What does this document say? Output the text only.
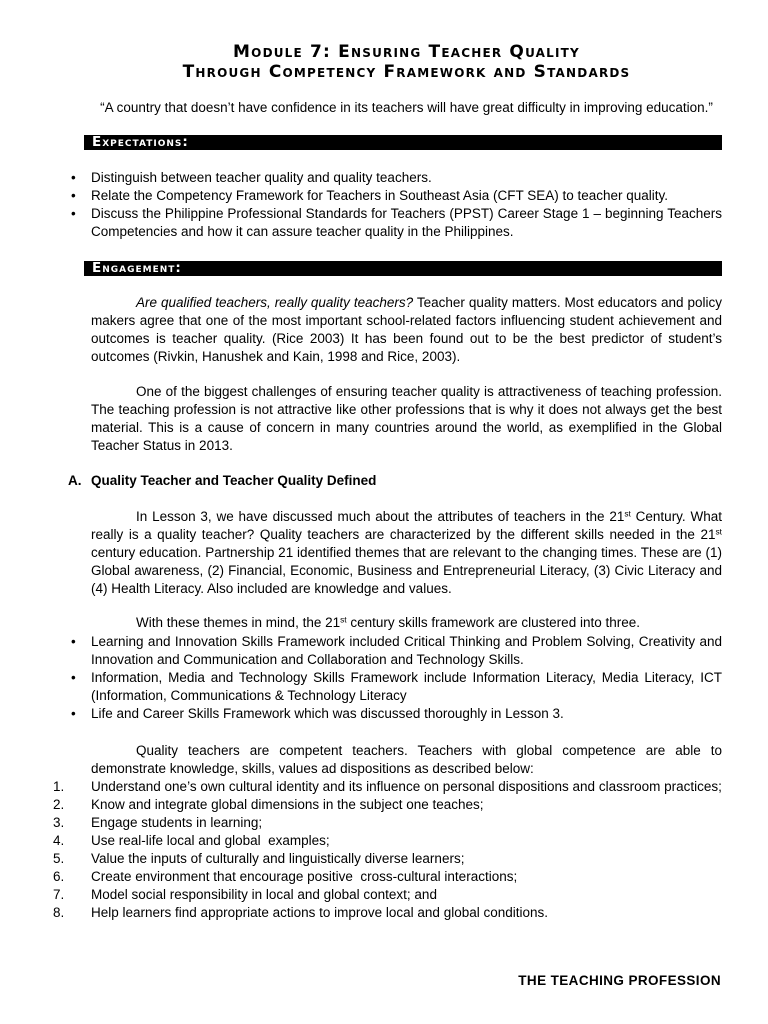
Module 7: Ensuring Teacher Quality
Through Competency Framework and Standards

“A country that doesn’t have confidence in its teachers will have great difficulty in improving education.”

Expectations:
• Distinguish between teacher quality and quality teachers.
• Relate the Competency Framework for Teachers in Southeast Asia (CFT SEA) to teacher quality.
• Discuss the Philippine Professional Standards for Teachers (PPST) Career Stage 1 – beginning Teachers Competencies and how it can assure teacher quality in the Philippines.
Engagement:

Are qualified teachers, really quality teachers? Teacher quality matters. Most educators and policy makers agree that one of the most important school-related factors influencing student achievement and outcomes is teacher quality. (Rice 2003) It has been found out to be the best predictor of student’s outcomes (Rivkin, Hanushek and Kain, 1998 and Rice, 2003).

One of the biggest challenges of ensuring teacher quality is attractiveness of teaching profession. The teaching profession is not attractive like other professions that is why it does not always get the best material. This is a cause of concern in many countries around the world, as exemplified in the Global Teacher Status in 2013.

A. Quality Teacher and Teacher Quality Defined

In Lesson 3, we have discussed much about the attributes of teachers in the 21st Century. What really is a quality teacher? Quality teachers are characterized by the different skills needed in the 21st century education. Partnership 21 identified themes that are relevant to the changing times. These are (1) Global awareness, (2) Financial, Economic, Business and Entrepreneurial Literacy, (3) Civic Literacy and (4) Health Literacy. Also included are knowledge and values.

With these themes in mind, the 21st century skills framework are clustered into three.

• Learning and Innovation Skills Framework included Critical Thinking and Problem Solving, Creativity and Innovation and Communication and Collaboration and Technology Skills.
• Information, Media and Technology Skills Framework include Information Literacy, Media Literacy, ICT (Information, Communications & Technology Literacy
• Life and Career Skills Framework which was discussed thoroughly in Lesson 3.

Quality teachers are competent teachers. Teachers with global competence are able to demonstrate knowledge, skills, values ad dispositions as described below:

1. Understand one’s own cultural identity and its influence on personal dispositions and classroom practices;
2. Know and integrate global dimensions in the subject one teaches;
3. Engage students in learning;
4. Use real-life local and global  examples;
5. Value the inputs of culturally and linguistically diverse learners;
6. Create environment that encourage positive  cross-cultural interactions;
7. Model social responsibility in local and global context; and
8. Help learners find appropriate actions to improve local and global conditions.
THE TEACHING PROFESSION
